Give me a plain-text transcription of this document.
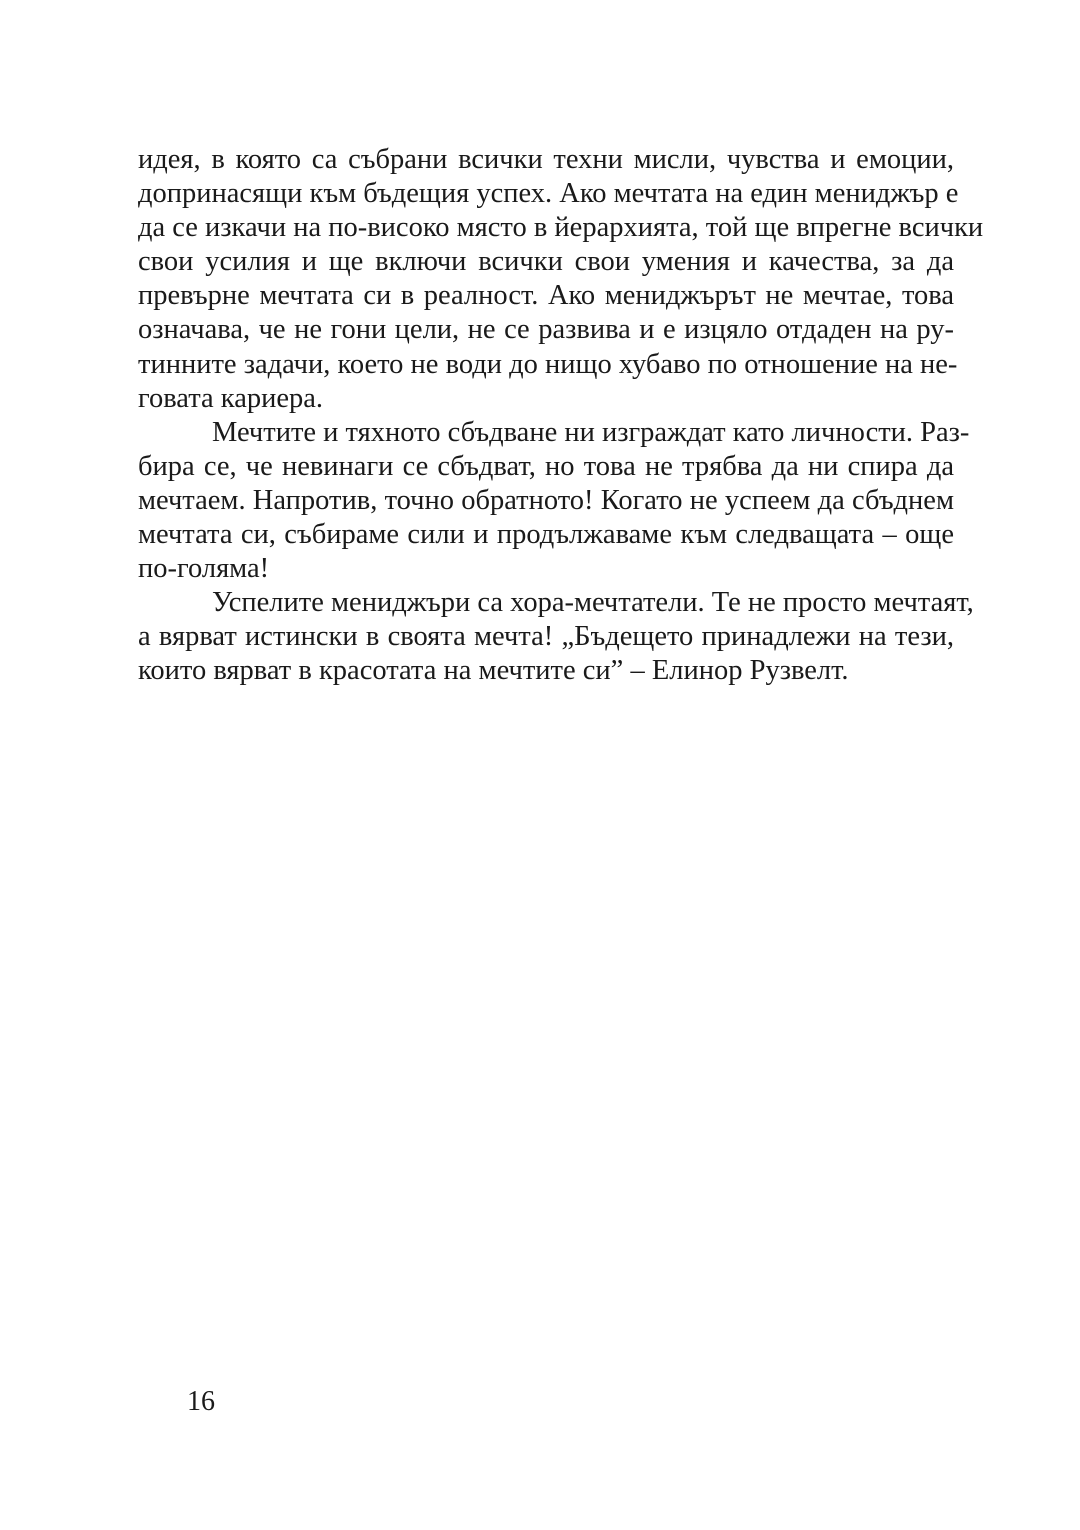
идея, в която са събрани всички техни мисли, чувства и емоции,
допринасящи към бъдещия успех. Ако мечтата на един мениджър е
да се изкачи на по-високо място в йерархията, той ще впрегне всички
свои усилия и ще включи всички свои умения и качества, за да
превърне мечтата си в реалност. Ако мениджърът не мечтае, това
означава, че не гони цели, не се развива и е изцяло отдаден на ру-
тинните задачи, което не води до нищо хубаво по отношение на не-
говата кариера.
Мечтите и тяхното сбъдване ни изграждат като личности. Раз-
бира се, че невинаги се сбъдват, но това не трябва да ни спира да
мечтаем. Напротив, точно обратното! Когато не успеем да сбъднем
мечтата си, събираме сили и продължаваме към следващата – още
по-голяма!
Успелите мениджъри са хора-мечтатели. Те не просто мечтаят,
а вярват истински в своята мечта! „Бъдещето принадлежи на тези,
които вярват в красотата на мечтите си” – Елинор Рузвелт.
16
